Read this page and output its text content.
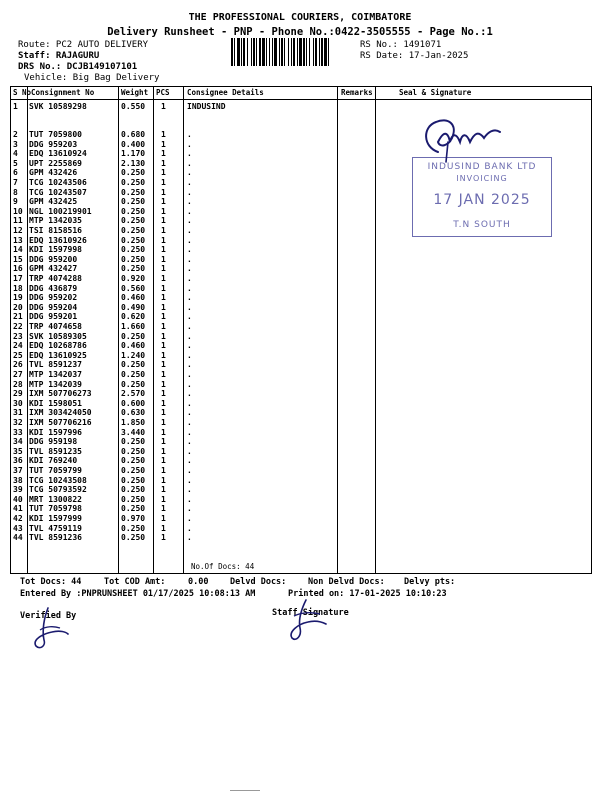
THE PROFESSIONAL COURIERS, COIMBATORE
Delivery Runsheet - PNP - Phone No.:0422-3505555 - Page No.:1
Route: PC2 AUTO DELIVERY
Staff: RAJAGURU
DRS No.: DCJB149107101
Vehicle: Big Bag Delivery
RS No.: 1491071
RS Date: 17-Jan-2025
S No Consignment No	Weight PCS Consignee Details	Remarks	Seal & Signature
1 SVK 10589298	0.550 1	INDUSIND
2 TUT 7059800	0.680 1	.
3 DDG 959203	0.400 1	.
4 EDQ 13610924	1.170 1	.
5 UPT 2255869	2.130 1	.
6 GPM 432426	0.250 1	.
7 TCG 10243506	0.250 1	.
8 TCG 10243507	0.250 1	.
9 GPM 432425	0.250 1	.
10 NGL 100219901	0.250 1	.
11 MTP 1342035	0.250 1	.
12 TSI 8158516	0.250 1	.
13 EDQ 13610926	0.250 1	.
14 KDI 1597998	0.250 1	.
15 DDG 959200	0.250 1	.
16 GPM 432427	0.250 1	.
17 TRP 4074288	0.920 1	.
18 DDG 436879	0.560 1	.
19 DDG 959202	0.460 1	.
20 DDG 959204	0.490 1	.
21 DDG 959201	0.620 1	.
22 TRP 4074658	1.660 1	.
23 SVK 10589305	0.250 1	.
24 EDQ 10268786	0.460 1	.
25 EDQ 13610925	1.240 1	.
26 TVL 8591237	0.250 1	.
27 MTP 1342037	0.250 1	.
28 MTP 1342039	0.250 1	.
29 IXM 507706273	2.570 1	.
30 KDI 1598051	0.600 1	.
31 IXM 303424050	0.630 1	.
32 IXM 507706216	1.850 1	.
33 KDI 1597996	3.440 1	.
34 DDG 959198	0.250 1	.
35 TVL 8591235	0.250 1	.
36 KDI 769240	0.250 1	.
37 TUT 7059799	0.250 1	.
38 TCG 10243508	0.250 1	.
39 TCG 50793592	0.250 1	.
40 MRT 1300822	0.250 1	.
41 TUT 7059798	0.250 1	.
42 KDI 1597999	0.970 1	.
43 TVL 4759119	0.250 1	.
44 TVL 8591236	0.250 1	.
No.Of Docs: 44
INDUSIND BANK LTD
INVOICING
17 JAN 2025
T.N SOUTH
Tot Docs: 44	Tot COD Amt:	0.00	Delvd Docs:	Non Delvd Docs: Delvy pts:
Entered By :PNPRUNSHEET 01/17/2025 10:08:13 AM	Printed on: 17-01-2025 10:10:23
Verified By	Staff Signature
